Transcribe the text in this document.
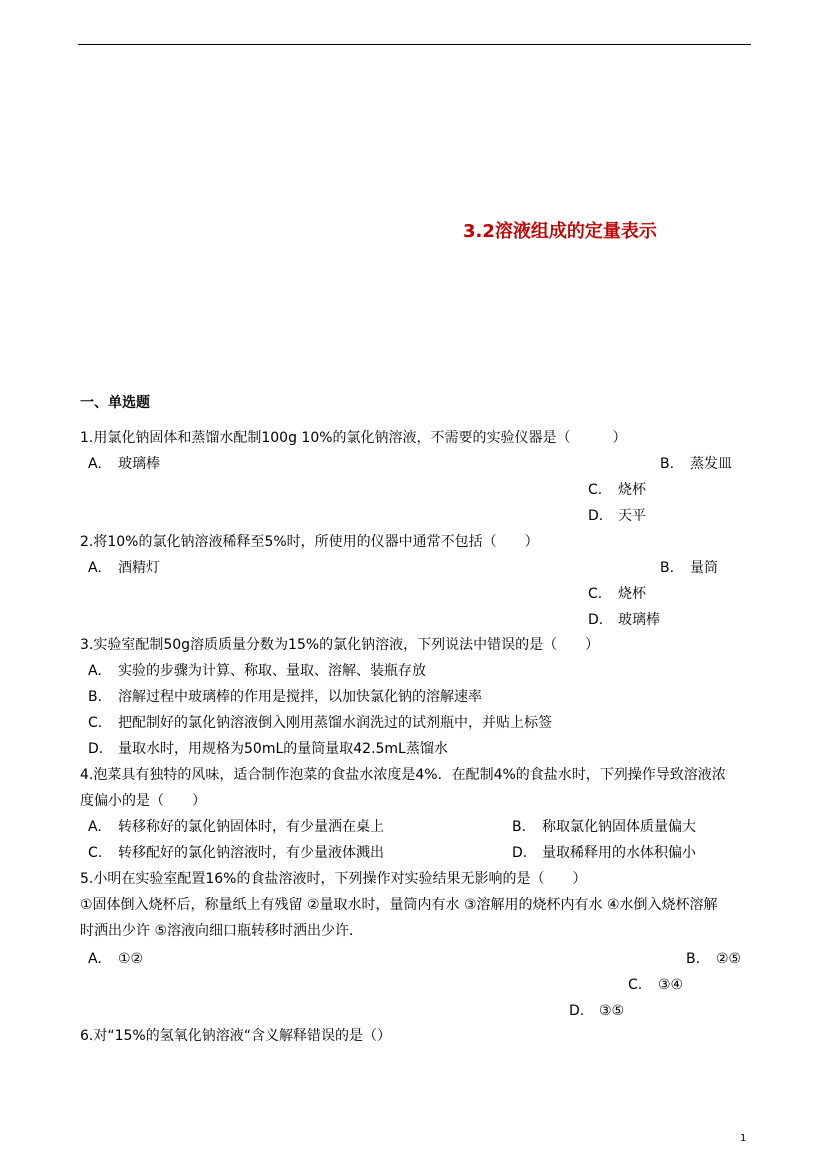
3.2溶液组成的定量表示
一、单选题
1.用氯化钠固体和蒸馏水配制100g 10%的氯化钠溶液，不需要的实验仪器是（　　　）
A. 玻璃棒	B. 蒸发皿
C. 烧杯
D. 天平
2.将10%的氯化钠溶液稀释至5%时，所使用的仪器中通常不包括（　　）
A. 酒精灯	B. 量筒
C. 烧杯
D. 玻璃棒
3.实验室配制50g溶质质量分数为15%的氯化钠溶液，下列说法中错误的是（　　）
A. 实验的步骤为计算、称取、量取、溶解、装瓶存放
B. 溶解过程中玻璃棒的作用是搅拌，以加快氯化钠的溶解速率
C. 把配制好的氯化钠溶液倒入刚用蒸馏水润洗过的试剂瓶中，并贴上标签
D. 量取水时，用规格为50mL的量筒量取42.5mL蒸馏水
4.泡菜具有独特的风味，适合制作泡菜的食盐水浓度是4%．在配制4%的食盐水时，下列操作导致溶液浓
度偏小的是（　　）
A. 转移称好的氯化钠固体时，有少量洒在桌上	B. 称取氯化钠固体质量偏大
C. 转移配好的氯化钠溶液时，有少量液体溅出	D. 量取稀释用的水体积偏小
5.小明在实验室配置16%的食盐溶液时，下列操作对实验结果无影响的是（　　）
①固体倒入烧杯后，称量纸上有残留 ②量取水时，量筒内有水 ③溶解用的烧杯内有水 ④水倒入烧杯溶解
时洒出少许 ⑤溶液向细口瓶转移时洒出少许．
A. ①②	B. ②⑤
C. ③④
D. ③⑤
6.对“15%的氢氧化钠溶液“含义解释错误的是（）
1
